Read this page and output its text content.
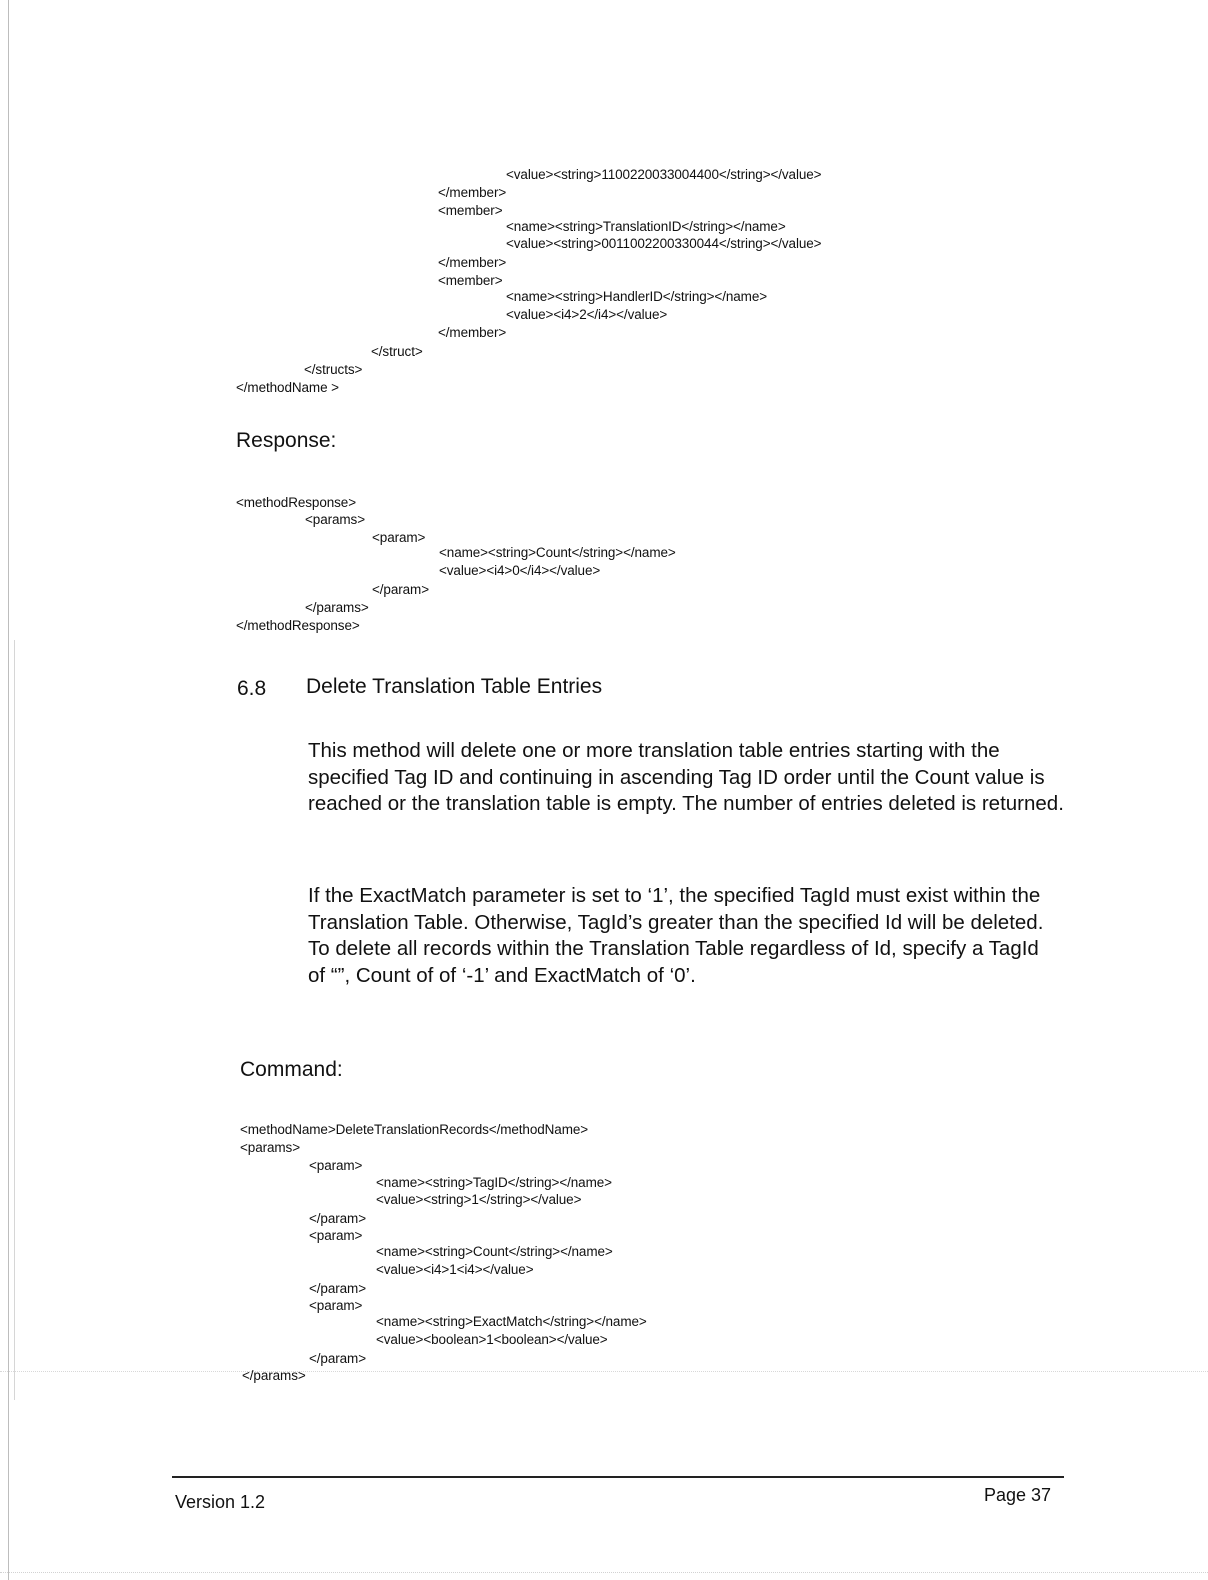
<value><string>1100220033004400</string></value>
</member>
<member>
<name><string>TranslationID</string></name>
<value><string>0011002200330044</string></value>
</member>
<member>
<name><string>HandlerID</string></name>
<value><i4>2</i4></value>
</member>
</struct>
</structs>
</methodName >
Response:
<methodResponse>
<params>
<param>
<name><string>Count</string></name>
<value><i4>0</i4></value>
</param>
</params>
</methodResponse>
6.8 Delete Translation Table Entries
This method will delete one or more translation table entries starting with the specified Tag ID and continuing in ascending Tag ID order until the Count value is reached or the translation table is empty. The number of entries deleted is returned.
If the ExactMatch parameter is set to ‘1’, the specified TagId must exist within the Translation Table. Otherwise, TagId’s greater than the specified Id will be deleted. To delete all records within the Translation Table regardless of Id, specify a TagId of “”, Count of of ‘-1’ and ExactMatch of ‘0’.
Command:
<methodName>DeleteTranslationRecords</methodName>
<params>
<param>
<name><string>TagID</string></name>
<value><string>1</string></value>
</param>
<param>
<name><string>Count</string></name>
<value><i4>1<i4></value>
</param>
<param>
<name><string>ExactMatch</string></name>
<value><boolean>1<boolean></value>
</param>
</params>
Version 1.2	Page 37
